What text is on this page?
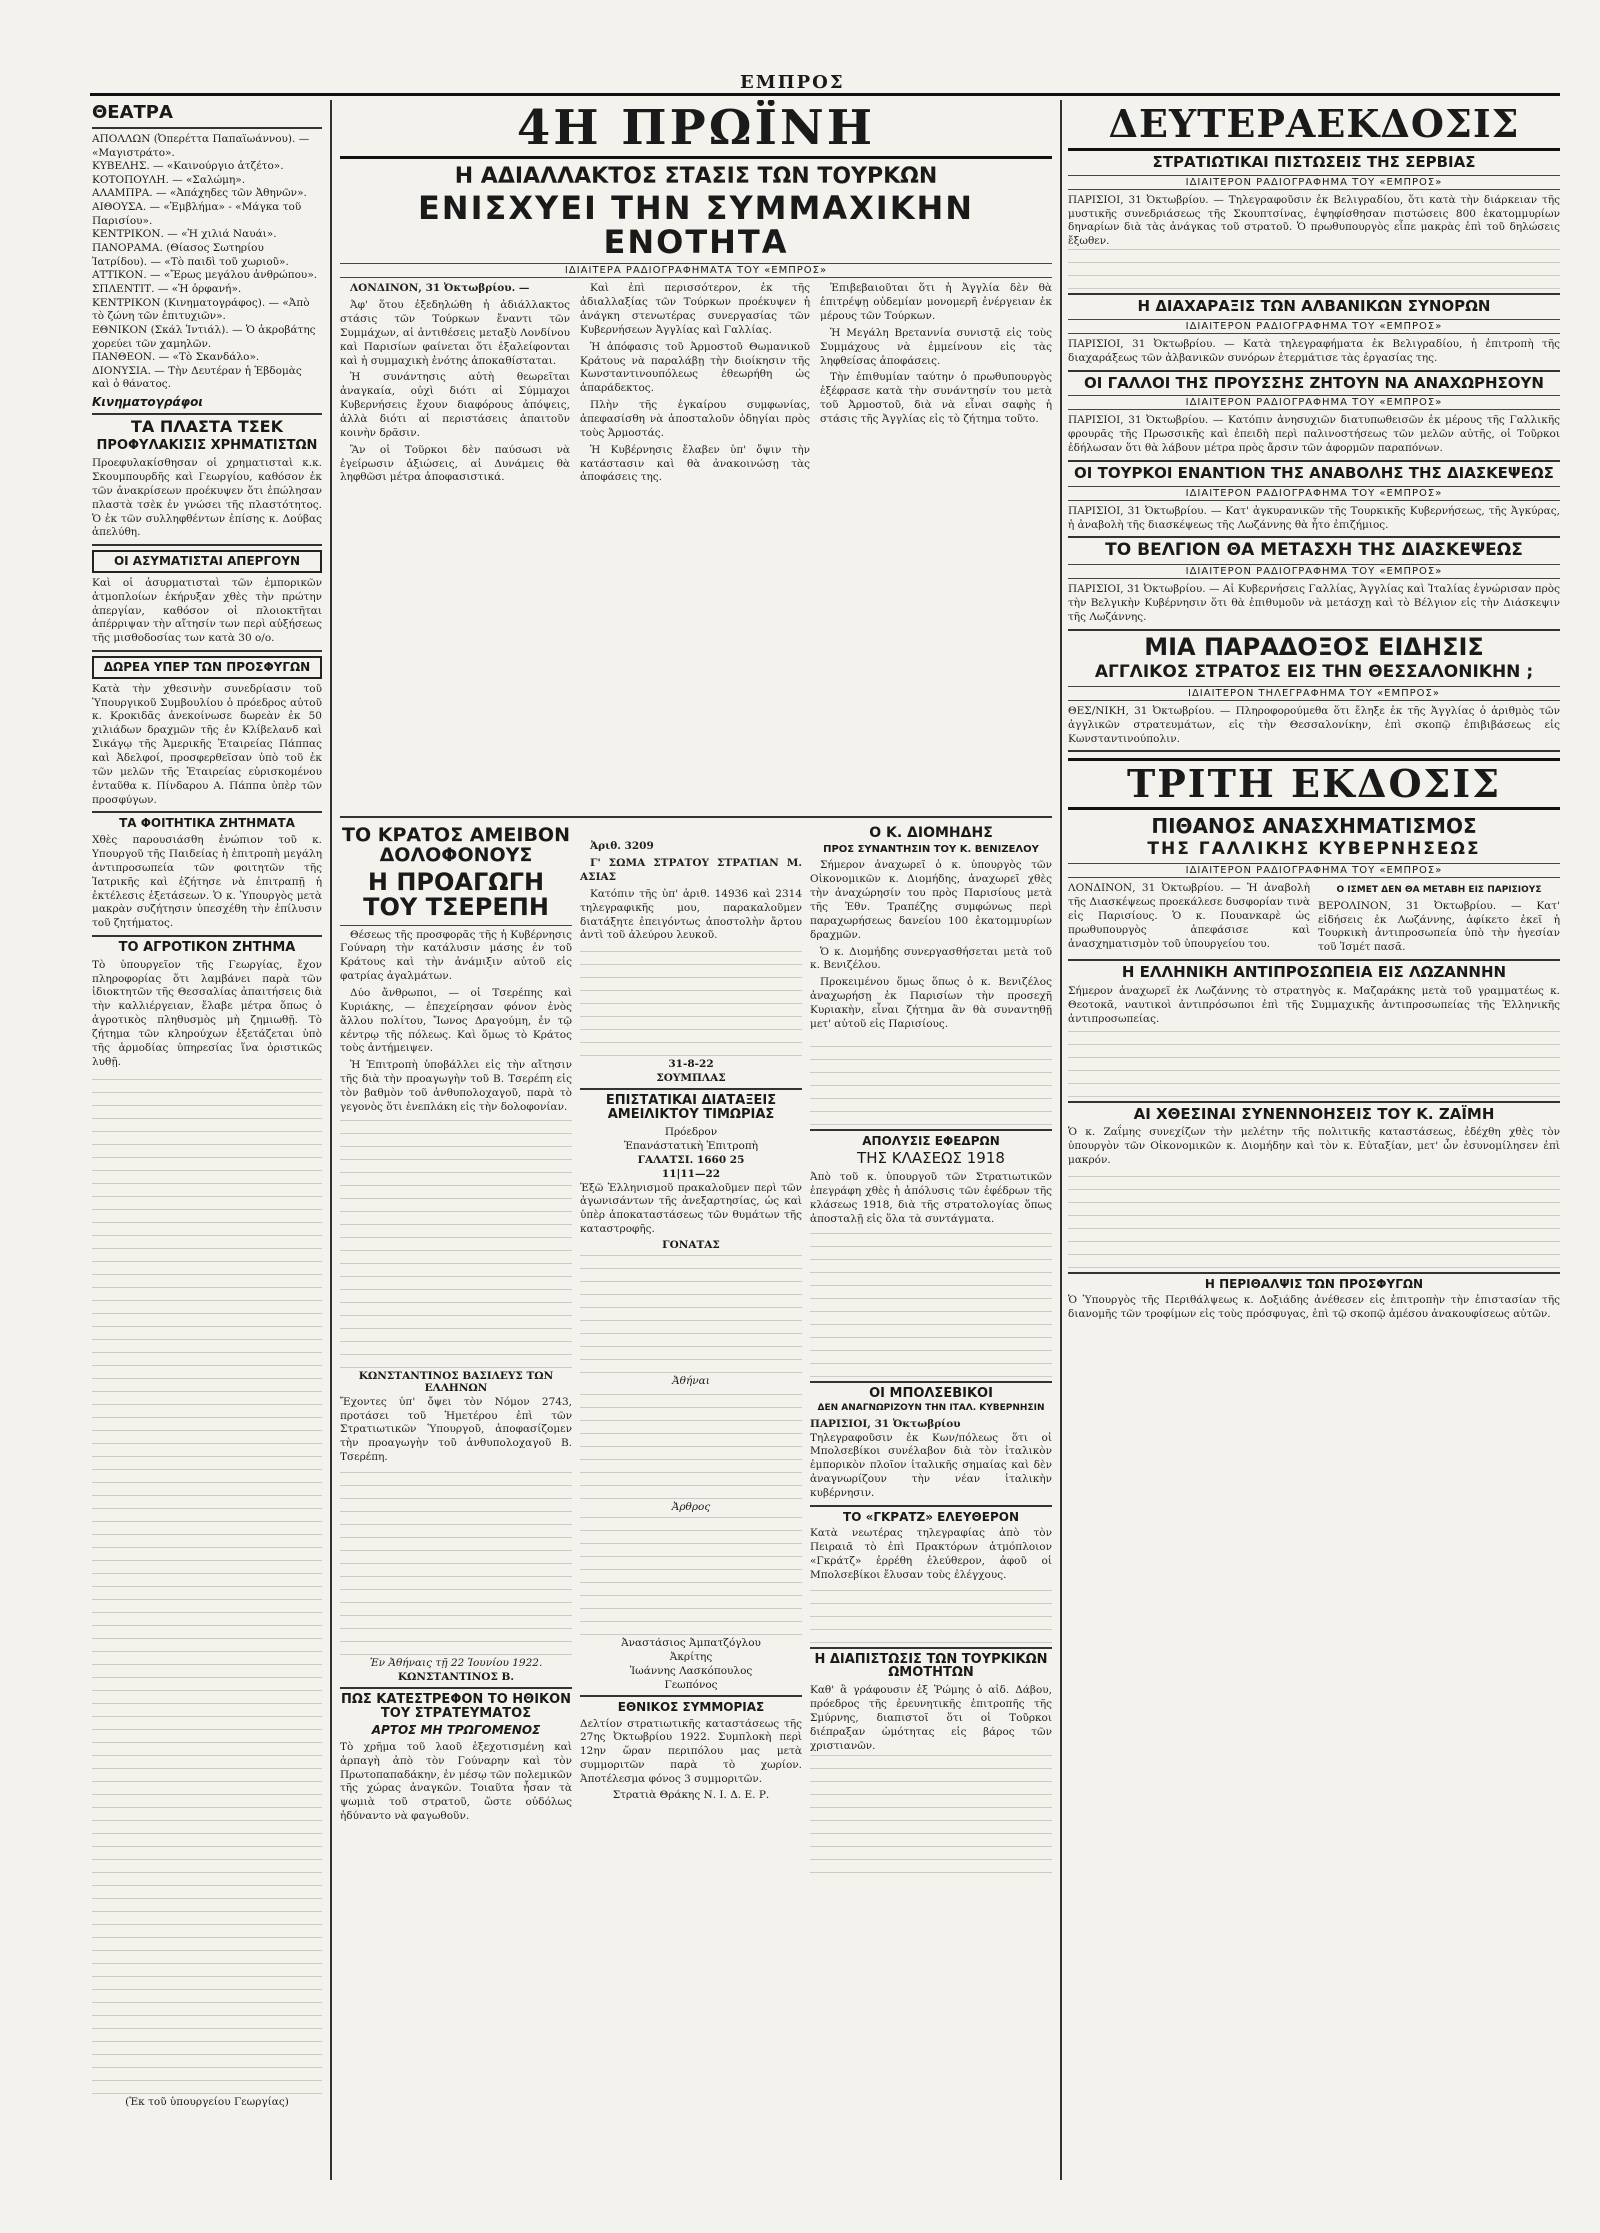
ΕΜΠΡΟΣ
ΘΕΑΤΡΑ
ΑΠΟΛΛΩΝ (Ὀπερέττα Παπαϊωάννου). — «Μαγιστράτο».
ΚΥΒΕΛΗΣ. — «Καινούργιο ἀτζέτο».
ΚΟΤΟΠΟΥΛΗ. — «Σαλώμη».
ΑΛΑΜΠΡΑ. — «Ἀπάχηδες τῶν Ἀθηνῶν».
ΑΙΘΟΥΣΑ. — «Ἐμβλήμα» - «Μάγκα τοῦ Παρισίου».
ΚΕΝΤΡΙΚΟΝ. — «Ἡ χιλιά Ναυάι».
ΠΑΝΟΡΑΜΑ. (Θίασος Σωτηρίου Ἰατρίδου). — «Τὸ παιδὶ τοῦ χωριοῦ».
ΑΤΤΙΚΟΝ. — «Ἔρως μεγάλου ἀνθρώπου».
ΣΠΛΕΝΤΙΤ. — «Ἡ ὀρφανή».
ΚΕΝΤΡΙΚΟΝ (Κινηματογράφος). — «Ἀπὸ τὸ ζώνη τῶν ἐπιτυχιῶν».
ΕΘΝΙΚΟΝ (Σκάλ Ἰντιάλ). — Ὁ ἀκροβάτης χορεύει τῶν χαμηλῶν.
ΠΑΝΘΕΟΝ. — «Τὸ Σκανδάλο».
ΔΙΟΝΥΣΙΑ. — Τὴν Δευτέραν ἡ Ἑβδομὰς καὶ ὁ θάνατος.
Κινηματογράφοι
ΤΑ ΠΛΑΣΤΑ ΤΣΕΚ
ΠΡΟΦΥΛΑΚΙΣΙΣ ΧΡΗΜΑΤΙΣΤΩΝ
Προεφυλακίσθησαν οἱ χρηματισταὶ κ.κ. Σκουμπουρδῆς καὶ Γεωργίου, καθόσον ἐκ τῶν ἀνακρίσεων προέκυψεν ὅτι ἐπώλησαν πλαστὰ τσὲκ ἐν γνώσει τῆς πλαστότητος. Ὁ ἐκ τῶν συλληφθέντων ἐπίσης κ. Δούβας ἀπελύθη.
ΟΙ ΑΣΥΜΑΤΙΣΤΑΙ ΑΠΕΡΓΟΥΝ
Καὶ οἱ ἀσυρματισταὶ τῶν ἐμπορικῶν ἀτμοπλοίων ἐκήρυξαν χθὲς τὴν πρώτην ἀπεργίαν, καθόσον οἱ πλοιοκτῆται ἀπέρριψαν τὴν αἴτησίν των περὶ αὐξήσεως τῆς μισθοδοσίας των κατὰ 30 ο/ο.
ΔΩΡΕΑ ΥΠΕΡ ΤΩΝ ΠΡΟΣΦΥΓΩΝ
Κατὰ τὴν χθεσινὴν συνεδρίασιν τοῦ Ὑπουργικοῦ Συμβουλίου ὁ πρόεδρος αὐτοῦ κ. Κροκιδᾶς ἀνεκοίνωσε δωρεὰν ἐκ 50 χιλιάδων δραχμῶν τῆς ἐν Κλίβελανδ καὶ Σικάγῳ τῆς Ἀμερικῆς Ἑταιρείας Πάππας καὶ Ἀδελφοί, προσφερθεῖσαν ὑπὸ τοῦ ἐκ τῶν μελῶν τῆς Ἑταιρείας εὑρισκομένου ἐνταῦθα κ. Πίνδαρου Α. Πάππα ὑπὲρ τῶν προσφύγων.
ΤΑ ΦΟΙΤΗΤΙΚΑ ΖΗΤΗΜΑΤΑ
Χθὲς παρουσιάσθη ἐνώπιον τοῦ κ. Υπουργοῦ τῆς Παιδείας ἡ ἐπιτροπὴ μεγάλη ἀντιπροσωπεία τῶν φοιτητῶν τῆς Ἰατρικῆς καὶ ἐζήτησε νὰ ἐπιτραπῇ ἡ ἐκτέλεσις ἐξετάσεων. Ὁ κ. Ὑπουργὸς μετὰ μακρὰν συζήτησιν ὑπεσχέθη τὴν ἐπίλυσιν τοῦ ζητήματος.
ΤΟ ΑΓΡΟΤΙΚΟΝ ΖΗΤΗΜΑ
Τὸ ὑπουργεῖον τῆς Γεωργίας, ἔχον πληροφορίας ὅτι λαμβάνει παρὰ τῶν ἰδιοκτητῶν τῆς Θεσσαλίας ἀπαιτήσεις διὰ τὴν καλλιέργειαν, ἔλαβε μέτρα ὅπως ὁ ἀγροτικὸς πληθυσμὸς μὴ ζημιωθῇ. Τὸ ζήτημα τῶν κληρούχων ἐξετάζεται ὑπὸ τῆς ἁρμοδίας ὑπηρεσίας ἵνα ὁριστικῶς λυθῇ.
(Ἐκ τοῦ ὑπουργείου Γεωργίας)
4Η ΠΡΩΪΝΗ
Η ΑΔΙΑΛΛΑΚΤΟΣ ΣΤΑΣΙΣ ΤΩΝ ΤΟΥΡΚΩΝ
ΕΝΙΣΧΥΕΙ ΤΗΝ ΣΥΜΜΑΧΙΚΗΝ ΕΝΟΤΗΤΑ
ΙΔΙΑΙΤΕΡΑ ΡΑΔΙΟΓΡΑΦΗΜΑΤΑ ΤΟΥ «ΕΜΠΡΟΣ»

ΛΟΝΔΙΝΟΝ, 31 Ὀκτωβρίου. —

Ἀφ' ὅτου ἐξεδηλώθη ἡ ἀδιάλλακτος στάσις τῶν Τούρκων ἔναντι τῶν Συμμάχων, αἱ ἀντιθέσεις μεταξὺ Λονδίνου καὶ Παρισίων φαίνεται ὅτι ἐξαλείφονται καὶ ἡ συμμαχικὴ ἑνότης ἀποκαθίσταται.

Ἡ συνάντησις αὐτὴ θεωρεῖται ἀναγκαία, οὐχὶ διότι αἱ Σύμμαχοι Κυβερνήσεις ἔχουν διαφόρους ἀπόψεις, ἀλλὰ διότι αἱ περιστάσεις ἀπαιτοῦν κοινὴν δρᾶσιν.

Ἂν οἱ Τοῦρκοι δὲν παύσωσι νὰ ἐγείρωσιν ἀξιώσεις, αἱ Δυνάμεις θὰ ληφθῶσι μέτρα ἀποφασιστικά.

Καὶ ἐπὶ περισσότερον, ἐκ τῆς ἀδιαλλαξίας τῶν Τούρκων προέκυψεν ἡ ἀνάγκη στενωτέρας συνεργασίας τῶν Κυβερνήσεων Ἀγγλίας καὶ Γαλλίας.

Ἡ ἀπόφασις τοῦ Ἀρμοστοῦ Θωμανικοῦ Κράτους νὰ παραλάβῃ τὴν διοίκησιν τῆς Κωνσταντινουπόλεως ἐθεωρήθη ὡς ἀπαράδεκτος.

Πλὴν τῆς ἐγκαίρου συμφωνίας, ἀπεφασίσθη νὰ ἀποσταλοῦν ὁδηγίαι πρὸς τοὺς Ἀρμοστάς.

Ἡ Κυβέρνησις ἔλαβεν ὑπ' ὄψιν τὴν κατάστασιν καὶ θὰ ἀνακοινώσῃ τὰς ἀποφάσεις της.

Ἐπιβεβαιοῦται ὅτι ἡ Ἀγγλία δὲν θὰ ἐπιτρέψῃ οὐδεμίαν μονομερῆ ἐνέργειαν ἐκ μέρους τῶν Τούρκων.

Ἡ Μεγάλη Βρεταννία συνιστᾷ εἰς τοὺς Συμμάχους νὰ ἐμμείνουν εἰς τὰς ληφθείσας ἀποφάσεις.

Τὴν ἐπιθυμίαν ταύτην ὁ πρωθυπουργὸς ἐξέφρασε κατὰ τὴν συνάντησίν του μετὰ τοῦ Ἀρμοστοῦ, διὰ νὰ εἶναι σαφὴς ἡ στάσις τῆς Ἀγγλίας εἰς τὸ ζήτημα τοῦτο.

ΤΟ ΚΡΑΤΟΣ ΑΜΕΙΒΟΝ ΔΟΛΟΦΟΝΟΥΣ
Η ΠΡΟΑΓΩΓΗ ΤΟΥ ΤΣΕΡΕΠΗ

Θέσεως τῆς προσφορᾶς τῆς ἡ Κυβέρνησις Γούναρη τὴν κατάλυσιν μάσης ἐν τοῦ Κράτους καὶ τὴν ἀνάμιξιν αὐτοῦ εἰς φατρίας ἀγαλμάτων.

Δύο ἄνθρωποι, — οἱ Τσερέπης καὶ Κυριάκης, — ἐπεχείρησαν φόνον ἐνὸς ἄλλου πολίτου, Ἴωνος Δραγούμη, ἐν τῷ κέντρῳ τῆς πόλεως. Καὶ ὅμως τὸ Κράτος τοὺς ἀντήμειψεν.

Ἡ Ἐπιτροπὴ ὑποβάλλει εἰς τὴν αἴτησιν τῆς διὰ τὴν προαγωγὴν τοῦ Β. Τσερέπη εἰς τὸν βαθμὸν τοῦ ἀνθυπολοχαγοῦ, παρὰ τὸ γεγονὸς ὅτι ἐνεπλάκη εἰς τὴν δολοφονίαν.

ΚΩΝΣΤΑΝΤΙΝΟΣ ΒΑΣΙΛΕΥΣ ΤΩΝ ΕΛΛΗΝΩΝ
Ἔχοντες ὑπ' ὄψει τὸν Νόμον 2743, προτάσει τοῦ Ἡμετέρου ἐπὶ τῶν Στρατιωτικῶν Ὑπουργοῦ, ἀποφασίζομεν τὴν προαγωγὴν τοῦ ἀνθυπολοχαγοῦ Β. Τσερέπη.
Ἐν Ἀθήναις τῇ 22 Ἰουνίου 1922.
ΚΩΝΣΤΑΝΤΙΝΟΣ Β.
ΠΩΣ ΚΑΤΕΣΤΡΕΦΟΝ ΤΟ ΗΘΙΚΟΝ ΤΟΥ ΣΤΡΑΤΕΥΜΑΤΟΣ
ΑΡΤΟΣ ΜΗ ΤΡΩΓΟΜΕΝΟΣ
Τὸ χρῆμα τοῦ λαοῦ ἐξεχοτισμένη καὶ ἀρπαγὴ ἀπὸ τὸν Γούναρην καὶ τὸν Πρωτοπαπαδάκην, ἐν μέσῳ τῶν πολεμικῶν τῆς χώρας ἀναγκῶν. Τοιαῦτα ἦσαν τὰ ψωμιὰ τοῦ στρατοῦ, ὥστε οὐδόλως ἠδύναντο νὰ φαγωθοῦν.

Ἀριθ. 3209

Γ' ΣΩΜΑ ΣΤΡΑΤΟΥ ΣΤΡΑΤΙΑΝ Μ. ΑΣΙΑΣ

Κατόπιν τῆς ὑπ' ἀριθ. 14936 καὶ 2314 τηλεγραφικῆς μου, παρακαλοῦμεν διατάξητε ἐπειγόντως ἀποστολὴν ἄρτου ἀντὶ τοῦ ἀλεύρου λευκοῦ.

31-8-22
ΣΟΥΜΠΛΑΣ
ΕΠΙΣΤΑΤΙΚΑΙ ΔΙΑΤΑΞΕΙΣ ΑΜΕΙΛΙΚΤΟΥ ΤΙΜΩΡΙΑΣ
Πρόεδρον
Ἐπανάστατικὴ Ἐπιτροπὴ
ΓΑΛΑΤΣΙ. 1660 25
11|11—22
Ἐξῶ Ἑλληνισμοῦ πρακαλοῦμεν περὶ τῶν ἀγωνισάντων τῆς ἀνεξαρτησίας, ὡς καὶ ὑπὲρ ἀποκαταστάσεως τῶν θυμάτων τῆς καταστροφῆς.
ΓΟΝΑΤΑΣ
Ἀθήναι
Ἀρθρος
Ἀναστάσιος Ἀμπατζόγλου
Ἀκρίτης
Ἰωάννης Λασκόπουλος
Γεωπόνος
ΕΘΝΙΚΟΣ ΣΥΜΜΟΡΙΑΣ
Δελτίον στρατιωτικῆς καταστάσεως τῆς 27ης Ὀκτωβρίου 1922. Συμπλοκὴ περὶ 12ην ὥραν περιπόλου μας μετὰ συμμοριτῶν παρὰ τὸ χωρίον. Ἀποτέλεσμα φόνος 3 συμμοριτῶν.
Στρατιὰ Θράκης Ν. Ι. Δ. Ε. Ρ.
Ο Κ. ΔΙΟΜΗΔΗΣ
ΠΡΟΣ ΣΥΝΑΝΤΗΣΙΝ ΤΟΥ Κ. ΒΕΝΙΖΕΛΟΥ

Σήμερον ἀναχωρεῖ ὁ κ. ὑπουργὸς τῶν Οἰκονομικῶν κ. Διομήδης, ἀναχωρεῖ χθὲς τὴν ἀναχώρησίν του πρὸς Παρισίους μετὰ τῆς Ἐθν. Τραπέζης συμφώνως περὶ παραχωρήσεως δανείου 100 ἑκατομμυρίων δραχμῶν.

Ὁ κ. Διομήδης συνεργασθήσεται μετὰ τοῦ κ. Βενιζέλου.

Προκειμένου ὅμως ὅπως ὁ κ. Βενιζέλος ἀναχωρήσῃ ἐκ Παρισίων τὴν προσεχῆ Κυριακὴν, εἶναι ζήτημα ἂν θὰ συναντηθῇ μετ' αὐτοῦ εἰς Παρισίους.

ΑΠΟΛΥΣΙΣ ΕΦΕΔΡΩΝ
ΤΗΣ ΚΛΑΣΕΩΣ 1918
Ἀπὸ τοῦ κ. ὑπουργοῦ τῶν Στρατιωτικῶν ἐπεγράφη χθὲς ἡ ἀπόλυσις τῶν ἐφέδρων τῆς κλάσεως 1918, διὰ τῆς στρατολογίας ὅπως ἀποσταλῇ εἰς ὅλα τὰ συντάγματα.
ΟΙ ΜΠΟΛΣΕΒΙΚΟΙ
ΔΕΝ ΑΝΑΓΝΩΡΙΖΟΥΝ ΤΗΝ ΙΤΑΛ. ΚΥΒΕΡΝΗΣΙΝ
ΠΑΡΙΣΙΟΙ, 31 Ὀκτωβρίου
Τηλεγραφοῦσιν ἐκ Κων/πόλεως ὅτι οἱ Μπολσεβίκοι συνέλαβον διὰ τὸν ἰταλικὸν ἐμπορικὸν πλοῖον ἰταλικῆς σημαίας καὶ δὲν ἀναγνωρίζουν τὴν νέαν ἰταλικὴν κυβέρνησιν.
ΤΟ «ΓΚΡΑΤΖ» ΕΛΕΥΘΕΡΟΝ
Κατὰ νεωτέρας τηλεγραφίας ἀπὸ τὸν Πειραιᾶ τὸ ἐπὶ Πρακτόρων ἀτμόπλοιον «Γκράτζ» ἐρρέθη ἐλεύθερον, ἀφοῦ οἱ Μπολσεβίκοι ἔλυσαν τοὺς ἐλέγχους.
Η ΔΙΑΠΙΣΤΩΣΙΣ ΤΩΝ ΤΟΥΡΚΙΚΩΝ ΩΜΟΤΗΤΩΝ
Καθ' ἃ γράφουσιν ἐξ Ῥώμης ὁ αἰδ. Δάβου, πρόεδρος τῆς ἐρευνητικῆς ἐπιτροπῆς τῆς Σμύρνης, διαπιστοῖ ὅτι οἱ Τοῦρκοι διέπραξαν ὠμότητας εἰς βάρος τῶν χριστιανῶν.
ΔΕΥΤΕΡΑΕΚΔΟΣΙΣ
ΣΤΡΑΤΙΩΤΙΚΑΙ ΠΙΣΤΩΣΕΙΣ ΤΗΣ ΣΕΡΒΙΑΣ
ΙΔΙΑΙΤΕΡΟΝ ΡΑΔΙΟΓΡΑΦΗΜΑ ΤΟΥ «ΕΜΠΡΟΣ»
ΠΑΡΙΣΙΟΙ, 31 Ὀκτωβρίου. — Τηλεγραφοῦσιν ἐκ Βελιγραδίου, ὅτι κατὰ τὴν διάρκειαν τῆς μυστικῆς συνεδριάσεως τῆς Σκουπτσίνας, ἐψηφίσθησαν πιστώσεις 800 ἑκατομμυρίων δηναρίων διὰ τὰς ἀνάγκας τοῦ στρατοῦ. Ὁ πρωθυπουργὸς εἶπε μακρὰς ἐπὶ τοῦ δηλώσεις ἔξωθεν.
Η ΔΙΑΧΑΡΑΞΙΣ ΤΩΝ ΑΛΒΑΝΙΚΩΝ ΣΥΝΟΡΩΝ
ΙΔΙΑΙΤΕΡΟΝ ΡΑΔΙΟΓΡΑΦΗΜΑ ΤΟΥ «ΕΜΠΡΟΣ»
ΠΑΡΙΣΙΟΙ, 31 Ὀκτωβρίου. — Κατὰ τηλεγραφήματα ἐκ Βελιγραδίου, ἡ ἐπιτροπὴ τῆς διαχαράξεως τῶν ἀλβανικῶν συνόρων ἐτερμάτισε τὰς ἐργασίας της.
ΟΙ ΓΑΛΛΟΙ ΤΗΣ ΠΡΟΥΣΣΗΣ ΖΗΤΟΥΝ ΝΑ ΑΝΑΧΩΡΗΣΟΥΝ
ΙΔΙΑΙΤΕΡΟΝ ΡΑΔΙΟΓΡΑΦΗΜΑ ΤΟΥ «ΕΜΠΡΟΣ»
ΠΑΡΙΣΙΟΙ, 31 Ὀκτωβρίου. — Κατόπιν ἀνησυχιῶν διατυπωθεισῶν ἐκ μέρους τῆς Γαλλικῆς φρουρᾶς τῆς Πρωσσικῆς καὶ ἐπειδὴ περὶ παλινοστήσεως τῶν μελῶν αὐτῆς, οἱ Τοῦρκοι ἐδήλωσαν ὅτι θὰ λάβουν μέτρα πρὸς ἄρσιν τῶν ἀφορμῶν παραπόνων.
ΟΙ ΤΟΥΡΚΟΙ ΕΝΑΝΤΙΟΝ ΤΗΣ ΑΝΑΒΟΛΗΣ ΤΗΣ ΔΙΑΣΚΕΨΕΩΣ
ΙΔΙΑΙΤΕΡΟΝ ΡΑΔΙΟΓΡΑΦΗΜΑ ΤΟΥ «ΕΜΠΡΟΣ»
ΠΑΡΙΣΙΟΙ, 31 Ὀκτωβρίου. — Κατ' ἀγκυρανικῶν τῆς Τουρκικῆς Κυβερνήσεως, τῆς Ἀγκύρας, ἡ ἀναβολὴ τῆς διασκέψεως τῆς Λωζάννης θὰ ἦτο ἐπιζήμιος.
ΤΟ ΒΕΛΓΙΟΝ ΘΑ ΜΕΤΑΣΧΗ ΤΗΣ ΔΙΑΣΚΕΨΕΩΣ
ΙΔΙΑΙΤΕΡΟΝ ΡΑΔΙΟΓΡΑΦΗΜΑ ΤΟΥ «ΕΜΠΡΟΣ»
ΠΑΡΙΣΙΟΙ, 31 Ὀκτωβρίου. — Αἱ Κυβερνήσεις Γαλλίας, Ἀγγλίας καὶ Ἰταλίας ἐγνώρισαν πρὸς τὴν Βελγικὴν Κυβέρνησιν ὅτι θὰ ἐπιθυμοῦν νὰ μετάσχῃ καὶ τὸ Βέλγιον εἰς τὴν Διάσκεψιν τῆς Λωζάννης.
ΜΙΑ ΠΑΡΑΔΟΞΟΣ ΕΙΔΗΣΙΣ
ΑΓΓΛΙΚΟΣ ΣΤΡΑΤΟΣ ΕΙΣ ΤΗΝ ΘΕΣΣΑΛΟΝΙΚΗΝ ;
ΙΔΙΑΙΤΕΡΟΝ ΤΗΛΕΓΡΑΦΗΜΑ ΤΟΥ «ΕΜΠΡΟΣ»
ΘΕΣ/ΝΙΚΗ, 31 Ὀκτωβρίου. — Πληροφορούμεθα ὅτι ἔληξε ἐκ τῆς Ἀγγλίας ὁ ἀριθμὸς τῶν ἀγγλικῶν στρατευμάτων, εἰς τὴν Θεσσαλονίκην, ἐπὶ σκοπῷ ἐπιβιβάσεως εἰς Κωνσταντινούπολιν.
ΤΡΙΤΗ ΕΚΔΟΣΙΣ
ΠΙΘΑΝΟΣ ΑΝΑΣΧΗΜΑΤΙΣΜΟΣ
ΤΗΣ ΓΑΛΛΙΚΗΣ ΚΥΒΕΡΝΗΣΕΩΣ
ΙΔΙΑΙΤΕΡΟΝ ΡΑΔΙΟΓΡΑΦΗΜΑ ΤΟΥ «ΕΜΠΡΟΣ»
ΛΟΝΔΙΝΟΝ, 31 Ὀκτωβρίου. — Ἡ ἀναβολὴ τῆς Διασκέψεως προεκάλεσε δυσφορίαν τινὰ εἰς Παρισίους. Ὁ κ. Πουανκαρὲ ὡς πρωθυπουργὸς ἀπεφάσισε καὶ ἀνασχηματισμὸν τοῦ ὑπουργείου του.
Ο ΙΣΜΕΤ ΔΕΝ ΘΑ ΜΕΤΑΒΗ ΕΙΣ ΠΑΡΙΣΙΟΥΣ
ΒΕΡΟΛΙΝΟΝ, 31 Ὀκτωβρίου. — Κατ' εἰδήσεις ἐκ Λωζάννης, ἀφίκετο ἐκεῖ ἡ Τουρκικὴ ἀντιπροσωπεία ὑπὸ τὴν ἡγεσίαν τοῦ Ἰσμέτ πασᾶ.
Η ΕΛΛΗΝΙΚΗ ΑΝΤΙΠΡΟΣΩΠΕΙΑ ΕΙΣ ΛΩΖΑΝΝΗΝ
Σήμερον ἀναχωρεῖ ἐκ Λωζάννης τὸ στρατηγὸς κ. Μαζαράκης μετὰ τοῦ γραμματέως κ. Θεοτοκᾶ, ναυτικοὶ ἀντιπρόσωποι ἐπὶ τῆς Συμμαχικῆς ἀντιπροσωπείας τῆς Ἑλληνικῆς ἀντιπροσωπείας.
ΑΙ ΧΘΕΣΙΝΑΙ ΣΥΝΕΝΝΟΗΣΕΙΣ ΤΟΥ Κ. ΖΑΪΜΗ
Ὁ κ. Ζαΐμης συνεχίζων τὴν μελέτην τῆς πολιτικῆς καταστάσεως, ἐδέχθη χθὲς τὸν ὑπουργὸν τῶν Οἰκονομικῶν κ. Διομήδην καὶ τὸν κ. Εὐταξίαν, μετ' ὧν ἐσυνομίλησεν ἐπὶ μακρόν.
Η ΠΕΡΙΘΑΛΨΙΣ ΤΩΝ ΠΡΟΣΦΥΓΩΝ
Ὁ Ὑπουργὸς τῆς Περιθάλψεως κ. Δοξιάδης ἀνέθεσεν εἰς ἐπιτροπὴν τὴν ἐπιστασίαν τῆς διανομῆς τῶν τροφίμων εἰς τοὺς πρόσφυγας, ἐπὶ τῷ σκοπῷ ἀμέσου ἀνακουφίσεως αὐτῶν.
